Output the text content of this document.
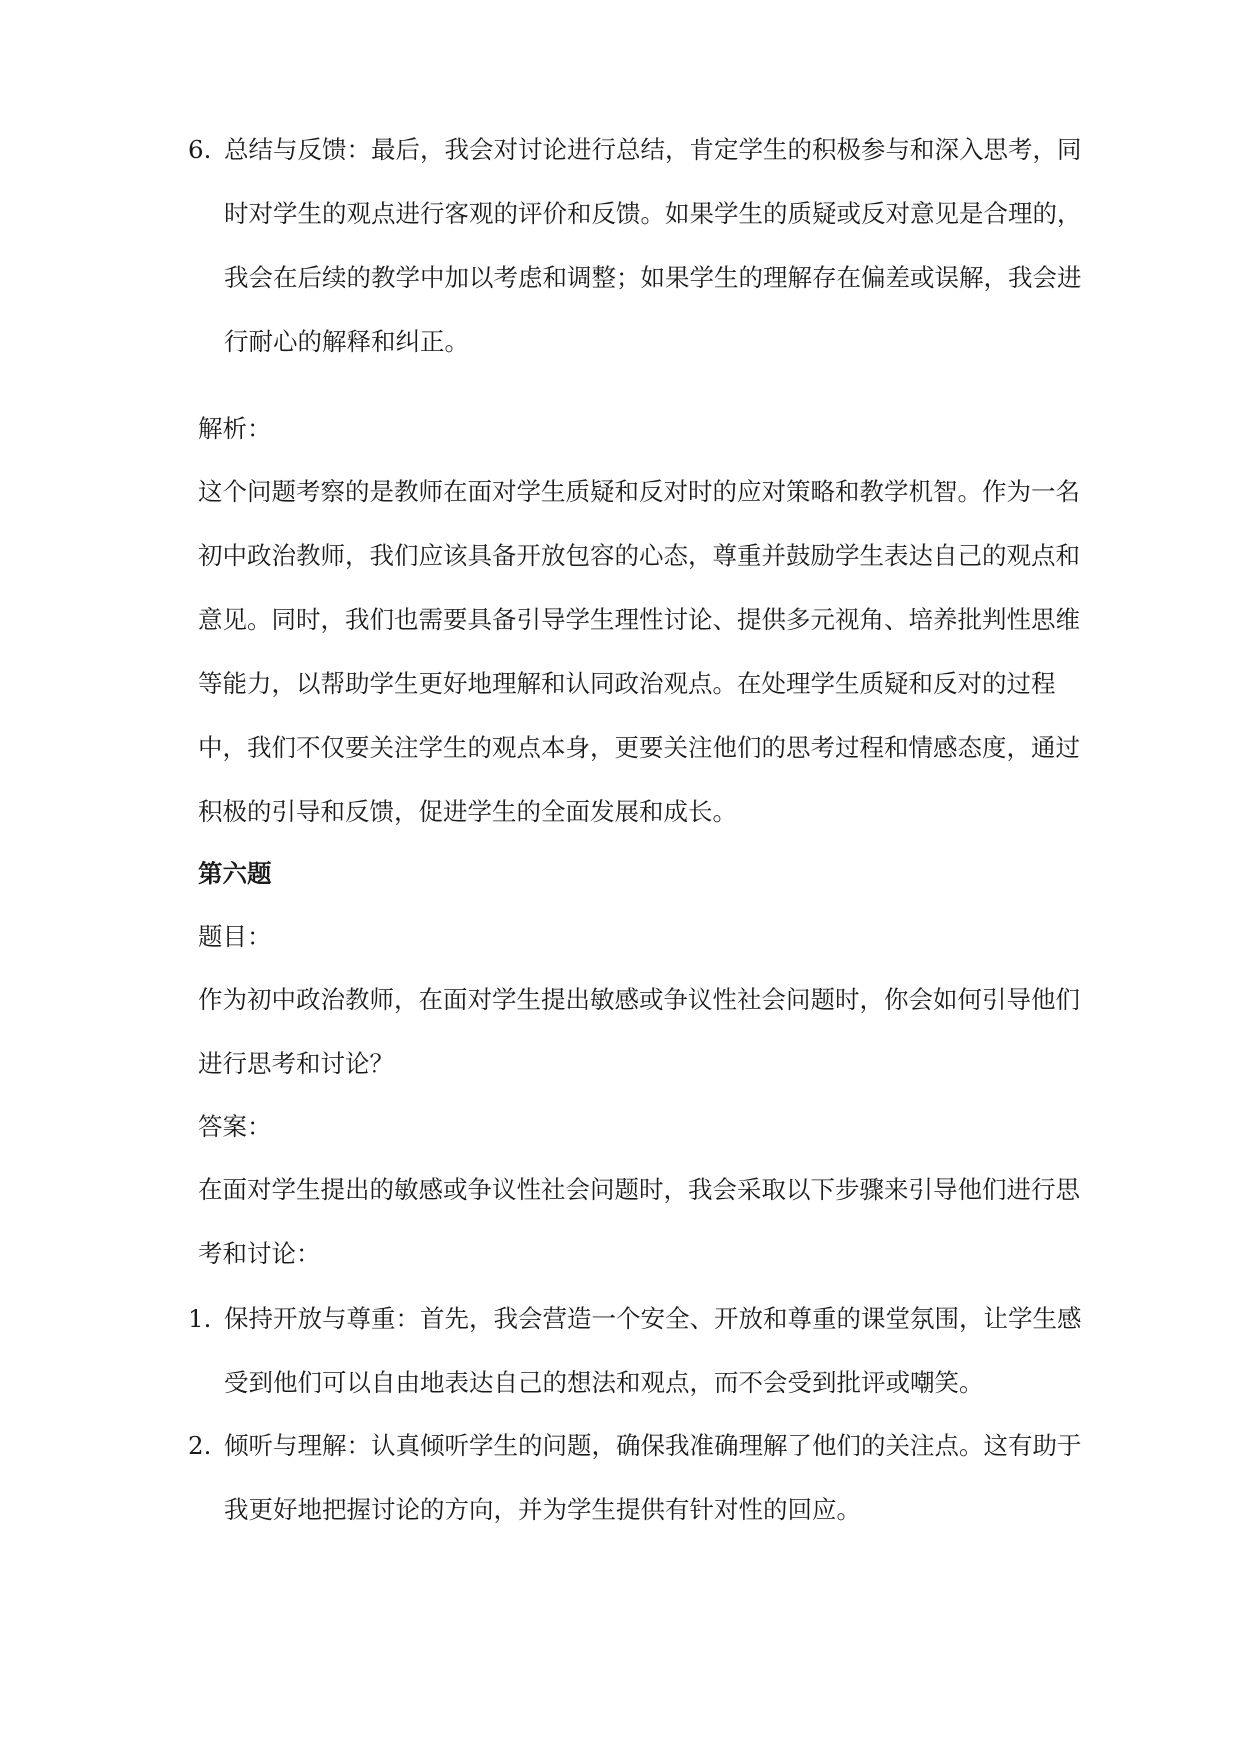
6. 总结与反馈：最后，我会对讨论进行总结，肯定学生的积极参与和深入思考，同时对学生的观点进行客观的评价和反馈。如果学生的质疑或反对意见是合理的，我会在后续的教学中加以考虑和调整；如果学生的理解存在偏差或误解，我会进行耐心的解释和纠正。
解析：
这个问题考察的是教师在面对学生质疑和反对时的应对策略和教学机智。作为一名初中政治教师，我们应该具备开放包容的心态，尊重并鼓励学生表达自己的观点和意见。同时，我们也需要具备引导学生理性讨论、提供多元视角、培养批判性思维等能力，以帮助学生更好地理解和认同政治观点。在处理学生质疑和反对的过程中，我们不仅要关注学生的观点本身，更要关注他们的思考过程和情感态度，通过积极的引导和反馈，促进学生的全面发展和成长。
第六题
题目：
作为初中政治教师，在面对学生提出敏感或争议性社会问题时，你会如何引导他们进行思考和讨论？
答案：
在面对学生提出的敏感或争议性社会问题时，我会采取以下步骤来引导他们进行思考和讨论：
1. 保持开放与尊重：首先，我会营造一个安全、开放和尊重的课堂氛围，让学生感受到他们可以自由地表达自己的想法和观点，而不会受到批评或嘲笑。
2. 倾听与理解：认真倾听学生的问题，确保我准确理解了他们的关注点。这有助于我更好地把握讨论的方向，并为学生提供有针对性的回应。
